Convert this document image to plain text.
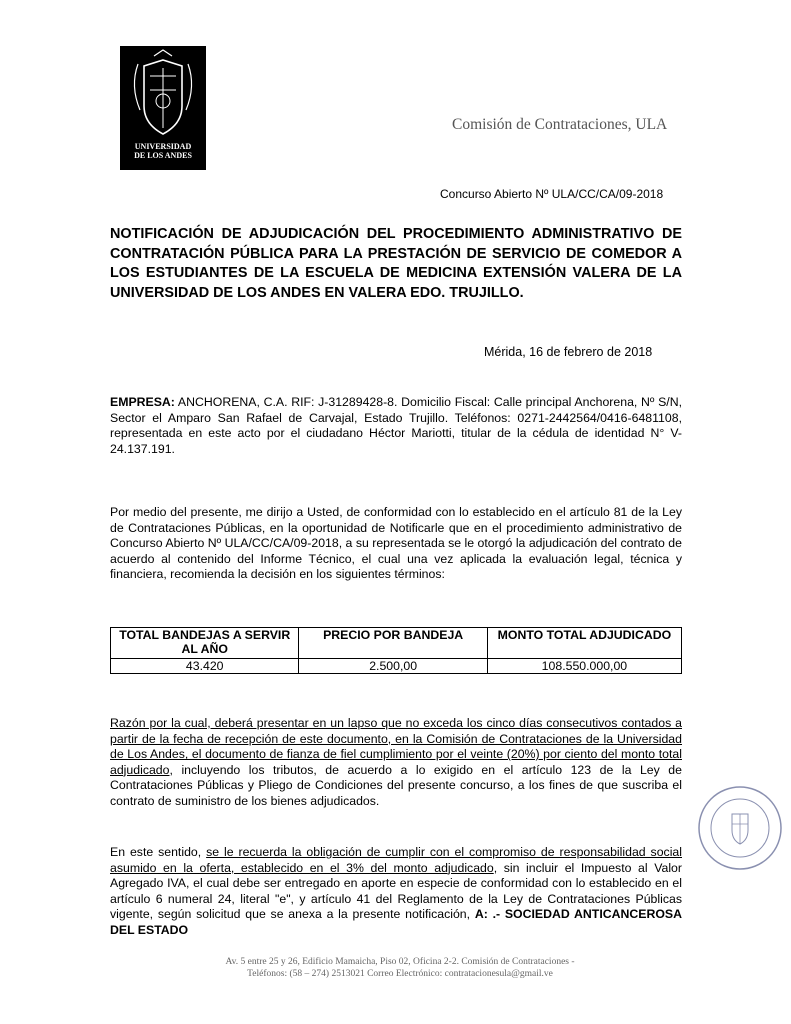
UNIVERSIDAD
DE LOS ANDES
Comisión de Contrataciones, ULA
Concurso Abierto Nº ULA/CC/CA/09-2018
NOTIFICACIÓN DE ADJUDICACIÓN DEL PROCEDIMIENTO ADMINISTRATIVO DE CONTRATACIÓN PÚBLICA PARA LA PRESTACIÓN DE SERVICIO DE COMEDOR A LOS ESTUDIANTES DE LA ESCUELA DE MEDICINA EXTENSIÓN VALERA DE LA UNIVERSIDAD DE LOS ANDES EN VALERA EDO. TRUJILLO.
Mérida, 16 de febrero de 2018
EMPRESA: ANCHORENA, C.A. RIF: J-31289428-8. Domicilio Fiscal: Calle principal Anchorena, Nº S/N, Sector el Amparo San Rafael de Carvajal, Estado Trujillo. Teléfonos: 0271-2442564/0416-6481108, representada en este acto por el ciudadano Héctor Mariotti, titular de la cédula de identidad N° V-24.137.191.
Por medio del presente, me dirijo a Usted, de conformidad con lo establecido en el artículo 81 de la Ley de Contrataciones Públicas, en la oportunidad de Notificarle que en el procedimiento administrativo de Concurso Abierto Nº ULA/CC/CA/09-2018, a su representada se le otorgó la adjudicación del contrato de acuerdo al contenido del Informe Técnico, el cual una vez aplicada la evaluación legal, técnica y financiera, recomienda la decisión en los siguientes términos:
TOTAL BANDEJAS A SERVIR AL AÑO	PRECIO POR BANDEJA	MONTO TOTAL ADJUDICADO
43.420	2.500,00	108.550.000,00
Razón por la cual, deberá presentar en un lapso que no exceda los cinco días consecutivos contados a partir de la fecha de recepción de este documento, en la Comisión de Contrataciones de la Universidad de Los Andes, el documento de fianza de fiel cumplimiento por el veinte (20%) por ciento del monto total adjudicado, incluyendo los tributos, de acuerdo a lo exigido en el artículo 123 de la Ley de Contrataciones Públicas y Pliego de Condiciones del presente concurso, a los fines de que suscriba el contrato de suministro de los bienes adjudicados.
En este sentido, se le recuerda la obligación de cumplir con el compromiso de responsabilidad social asumido en la oferta, establecido en el 3% del monto adjudicado, sin incluir el Impuesto al Valor Agregado IVA, el cual debe ser entregado en aporte en especie de conformidad con lo establecido en el artículo 6 numeral 24, literal "e", y artículo 41 del Reglamento de la Ley de Contrataciones Públicas vigente, según solicitud que se anexa a la presente notificación, A: .- SOCIEDAD ANTICANCEROSA DEL ESTADO
Av. 5 entre 25 y 26, Edificio Mamaicha, Piso 02, Oficina 2-2. Comisión de Contrataciones -
Teléfonos: (58 – 274) 2513021 Correo Electrónico: contratacionesula@gmail.ve
